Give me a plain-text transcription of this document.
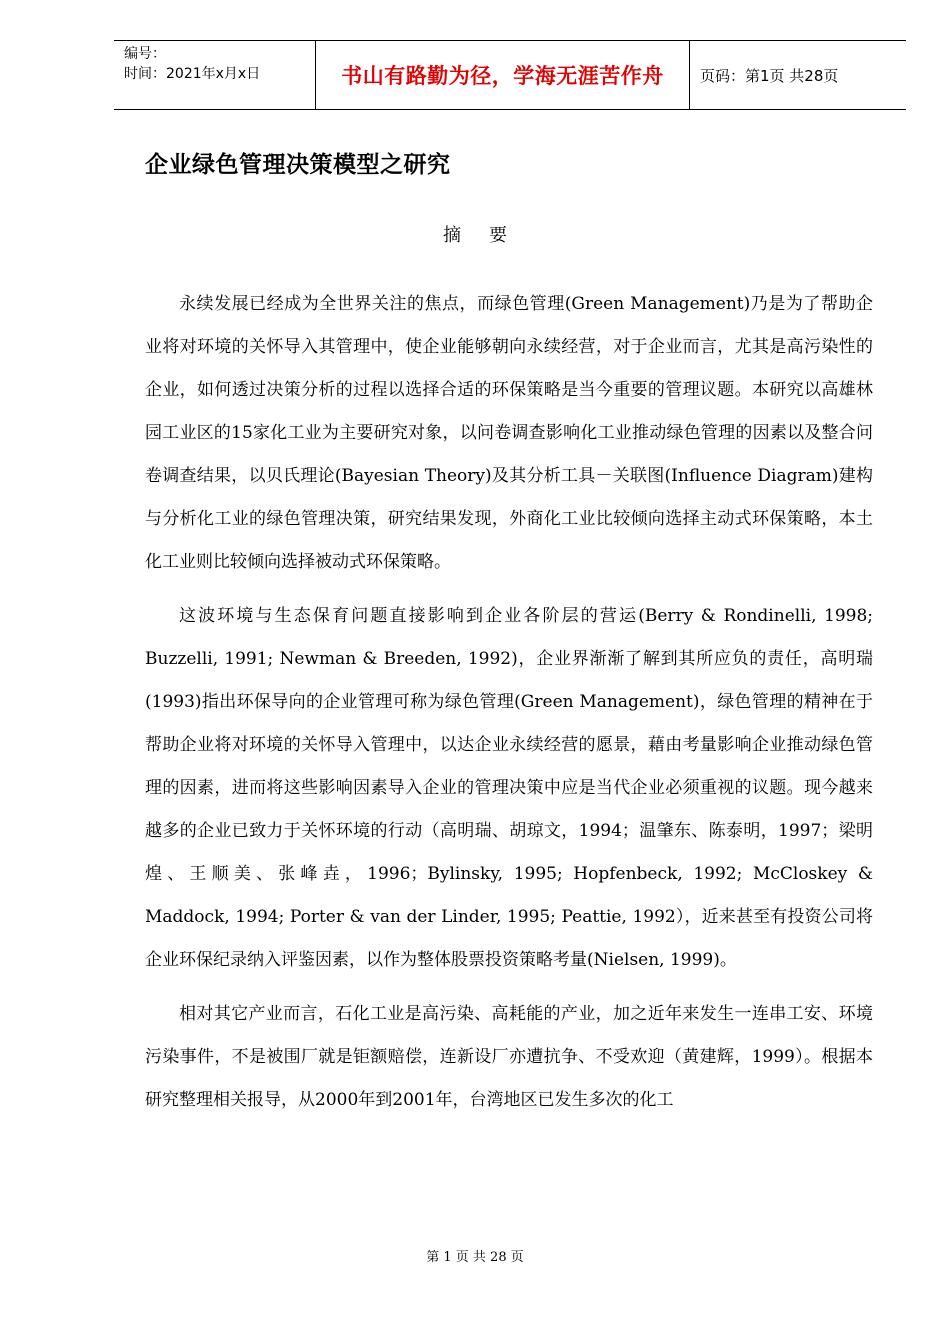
编号：
时间：2021年x月x日	书山有路勤为径，学海无涯苦作舟	页码：第1页 共28页
企业绿色管理决策模型之研究
摘 要

永续发展已经成为全世界关注的焦点，而绿色管理(Green Management)乃是为了帮助企业将对环境的关怀导入其管理中，使企业能够朝向永续经营，对于企业而言，尤其是高污染性的企业，如何透过决策分析的过程以选择合适的环保策略是当今重要的管理议题。本研究以高雄林园工业区的15家化工业为主要研究对象，以问卷调查影响化工业推动绿色管理的因素以及整合问卷调查结果，以贝氏理论(Bayesian Theory)及其分析工具－关联图(Influence Diagram)建构与分析化工业的绿色管理决策，研究结果发现，外商化工业比较倾向选择主动式环保策略，本土化工业则比较倾向选择被动式环保策略。

这波环境与生态保育问题直接影响到企业各阶层的营运(Berry & Rondinelli, 1998; Buzzelli, 1991; Newman & Breeden, 1992)，企业界渐渐了解到其所应负的责任，高明瑞(1993)指出环保导向的企业管理可称为绿色管理(Green Management)，绿色管理的精神在于帮助企业将对环境的关怀导入管理中，以达企业永续经营的愿景，藉由考量影响企业推动绿色管理的因素，进而将这些影响因素导入企业的管理决策中应是当代企业必须重视的议题。现今越来越多的企业已致力于关怀环境的行动（高明瑞、胡琼文，1994；温肇东、陈泰明，1997；梁明煌、王顺美、张峰垚，1996；Bylinsky, 1995; Hopfenbeck, 1992; McCloskey & Maddock, 1994; Porter & van der Linder, 1995; Peattie, 1992），近来甚至有投资公司将企业环保纪录纳入评鉴因素，以作为整体股票投资策略考量(Nielsen, 1999)。

相对其它产业而言，石化工业是高污染、高耗能的产业，加之近年来发生一连串工安、环境污染事件，不是被围厂就是钜额赔偿，连新设厂亦遭抗争、不受欢迎（黄建辉，1999）。根据本研究整理相关报导，从2000年到2001年，台湾地区已发生多次的化工

第 1 页 共 28 页
